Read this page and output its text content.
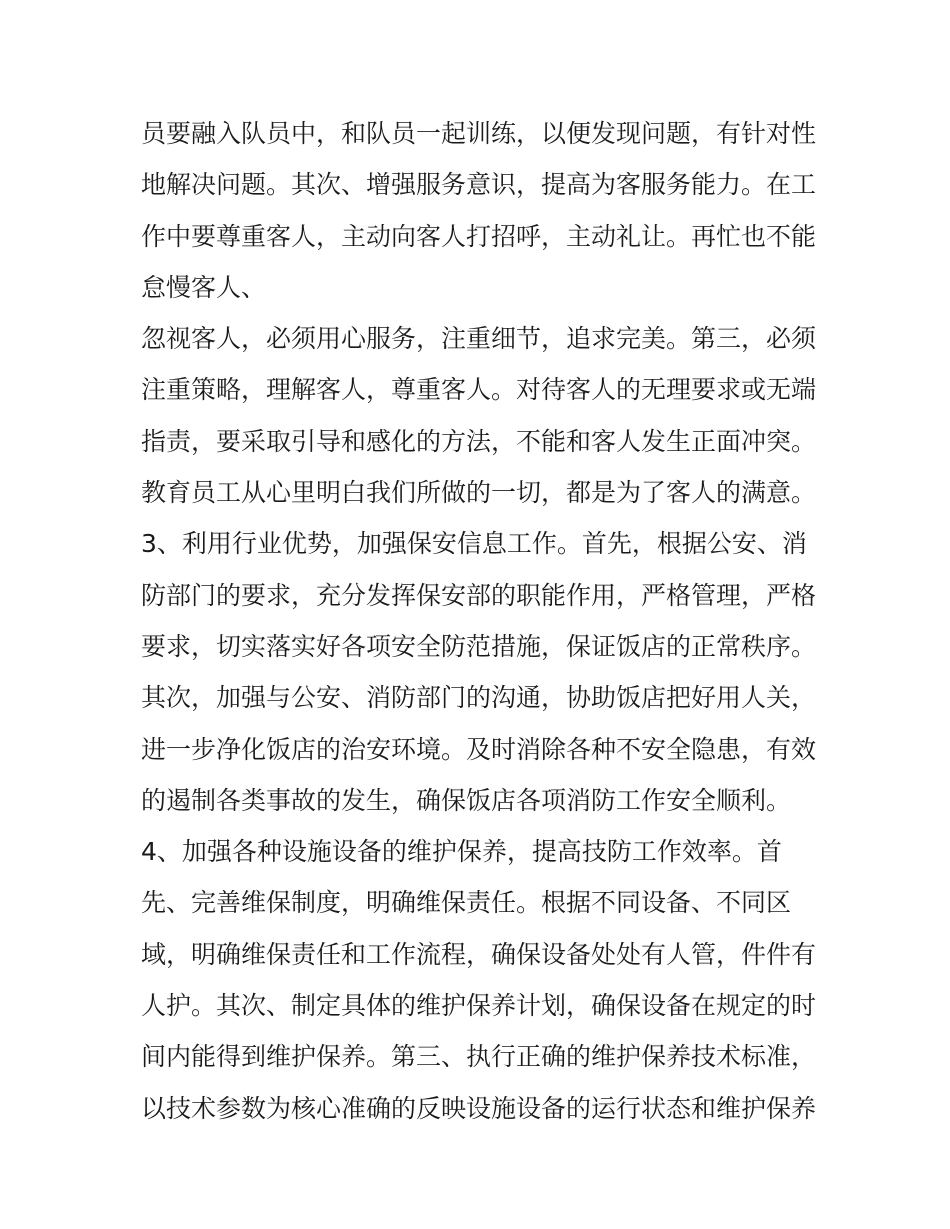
员要融入队员中，和队员一起训练，以便发现问题，有针对性
地解决问题。其次、增强服务意识，提高为客服务能力。在工
作中要尊重客人，主动向客人打招呼，主动礼让。再忙也不能
怠慢客人、
忽视客人，必须用心服务，注重细节，追求完美。第三，必须
注重策略，理解客人，尊重客人。对待客人的无理要求或无端
指责，要采取引导和感化的方法，不能和客人发生正面冲突。
教育员工从心里明白我们所做的一切，都是为了客人的满意。
3、利用行业优势，加强保安信息工作。首先，根据公安、消
防部门的要求，充分发挥保安部的职能作用，严格管理，严格
要求，切实落实好各项安全防范措施，保证饭店的正常秩序。
其次，加强与公安、消防部门的沟通，协助饭店把好用人关，
进一步净化饭店的治安环境。及时消除各种不安全隐患，有效
的遏制各类事故的发生，确保饭店各项消防工作安全顺利。
4、加强各种设施设备的维护保养，提高技防工作效率。首
先、完善维保制度，明确维保责任。根据不同设备、不同区
域，明确维保责任和工作流程，确保设备处处有人管，件件有
人护。其次、制定具体的维护保养计划，确保设备在规定的时
间内能得到维护保养。第三、执行正确的维护保养技术标准，
以技术参数为核心准确的反映设施设备的运行状态和维护保养
